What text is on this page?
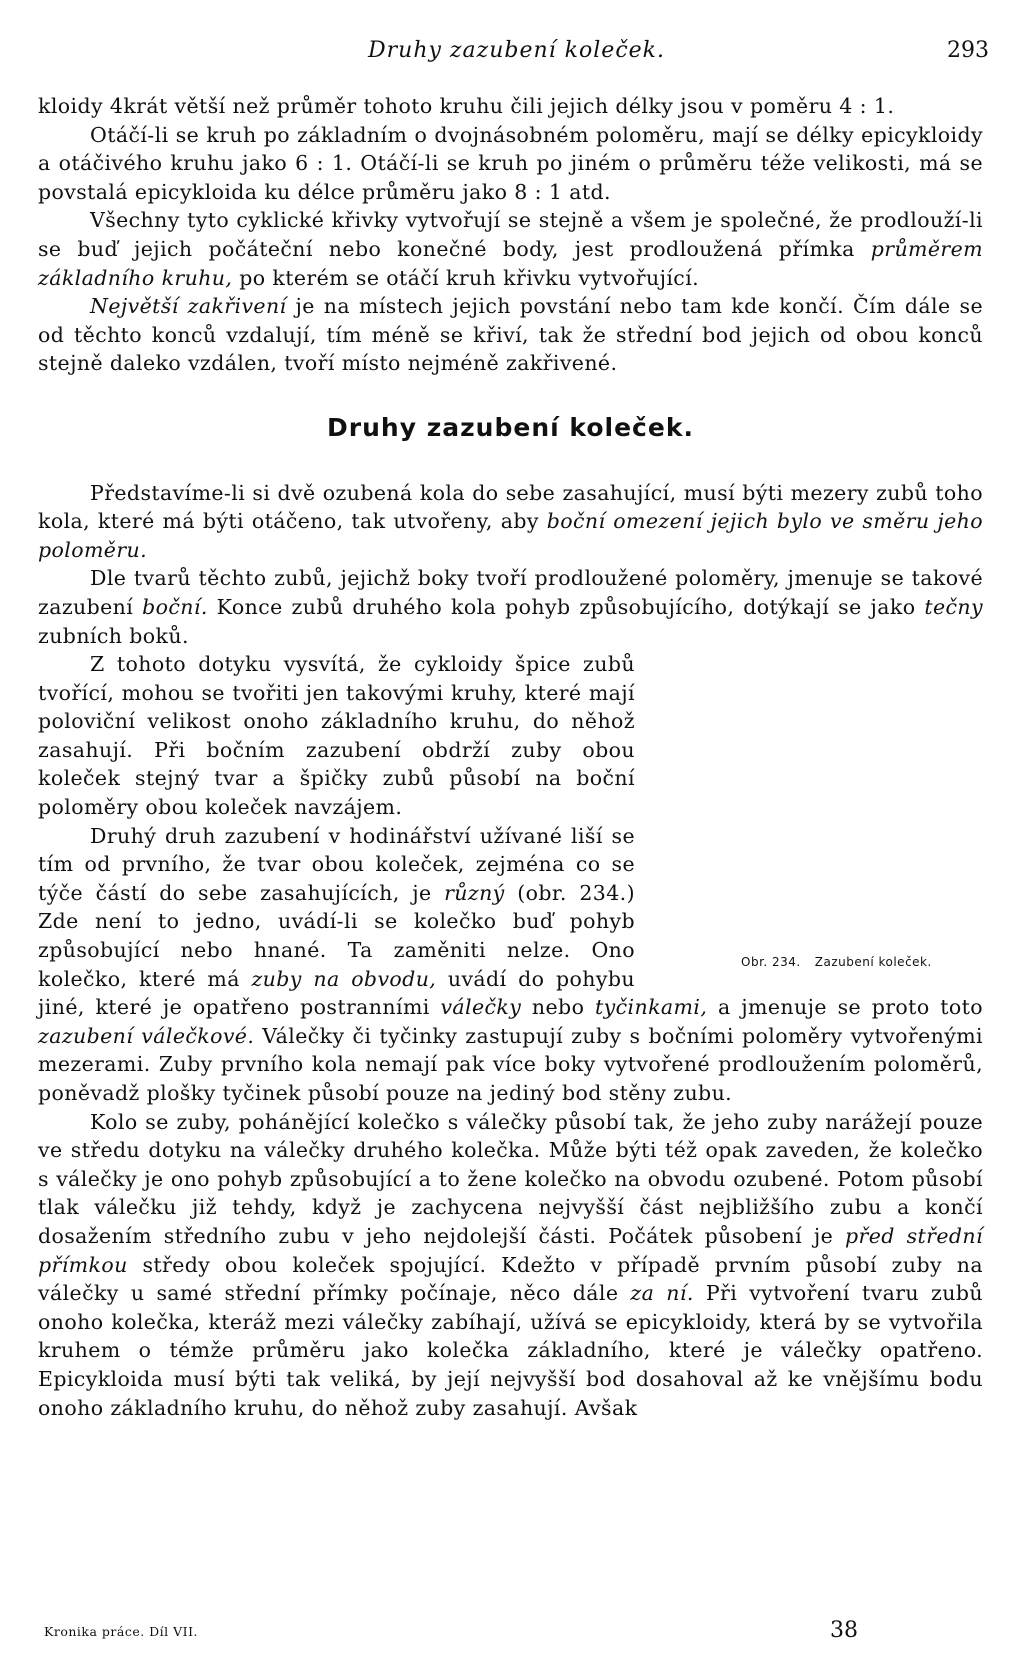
Druhy zazubení koleček.	293

kloidy 4krát větší než průměr tohoto kruhu čili jejich délky jsou v poměru 4 : 1.

Otáčí-li se kruh po základním o dvojnásobném poloměru, mají se délky epicykloidy a otáčivého kruhu jako 6 : 1. Otáčí-li se kruh po jiném o průměru téže velikosti, má se povstalá epicykloida ku délce průměru jako 8 : 1 atd.

Všechny tyto cyklické křivky vytvořují se stejně a všem je společné, že prodlouží-li se buď jejich počáteční nebo konečné body, jest prodloužená přímka průměrem základního kruhu, po kterém se otáčí kruh křivku vytvořující.

Největší zakřivení je na místech jejich povstání nebo tam kde končí. Čím dále se od těchto konců vzdalují, tím méně se křiví, tak že střední bod jejich od obou konců stejně daleko vzdálen, tvoří místo nejméně zakřivené.

Druhy zazubení koleček.

Představíme-li si dvě ozubená kola do sebe zasahující, musí býti mezery zubů toho kola, které má býti otáčeno, tak utvořeny, aby boční omezení jejich bylo ve směru jeho poloměru.

Dle tvarů těchto zubů, jejichž boky tvoří prodloužené poloměry, jmenuje se takové zazubení boční. Konce zubů druhého kola pohyb způsobujícího, dotýkají se jako tečny zubních boků.

Obr. 234. Zazubení koleček.

Z tohoto dotyku vysvítá, že cykloidy špice zubů tvořící, mohou se tvořiti jen takovými kruhy, které mají poloviční velikost onoho základního kruhu, do něhož zasahují. Při bočním zazubení obdrží zuby obou koleček stejný tvar a špičky zubů působí na boční poloměry obou koleček navzájem.

Druhý druh zazubení v hodinářství užívané liší se tím od prvního, že tvar obou koleček, zejména co se týče částí do sebe zasahujících, je různý (obr. 234.) Zde není to jedno, uvádí-li se kolečko buď pohyb způsobující nebo hnané. Ta zaměniti nelze. Ono kolečko, které má zuby na obvodu, uvádí do pohybu jiné, které je opatřeno postranními válečky nebo tyčinkami, a jmenuje se proto toto zazubení válečkové. Válečky či tyčinky zastupují zuby s bočními poloměry vytvořenými mezerami. Zuby prvního kola nemají pak více boky vytvořené prodloužením poloměrů, poněvadž plošky tyčinek působí pouze na jediný bod stěny zubu.

Kolo se zuby, pohánějící kolečko s válečky působí tak, že jeho zuby narážejí pouze ve středu dotyku na válečky druhého kolečka. Může býti též opak zaveden, že kolečko s válečky je ono pohyb způsobující a to žene kolečko na obvodu ozubené. Potom působí tlak válečku již tehdy, když je zachycena nejvyšší část nejbližšího zubu a končí dosažením středního zubu v jeho nejdolejší části. Počátek působení je před střední přímkou středy obou koleček spojující. Kdežto v případě prvním působí zuby na válečky u samé střední přímky počínaje, něco dále za ní. Při vytvoření tvaru zubů onoho kolečka, kteráž mezi válečky zabíhají, užívá se epicykloidy, která by se vytvořila kruhem o témže průměru jako kolečka základního, které je válečky opatřeno. Epicykloida musí býti tak veliká, by její nejvyšší bod dosahoval až ke vnějšímu bodu onoho základního kruhu, do něhož zuby zasahují. Avšak

Kronika práce. Díl VII.	38
